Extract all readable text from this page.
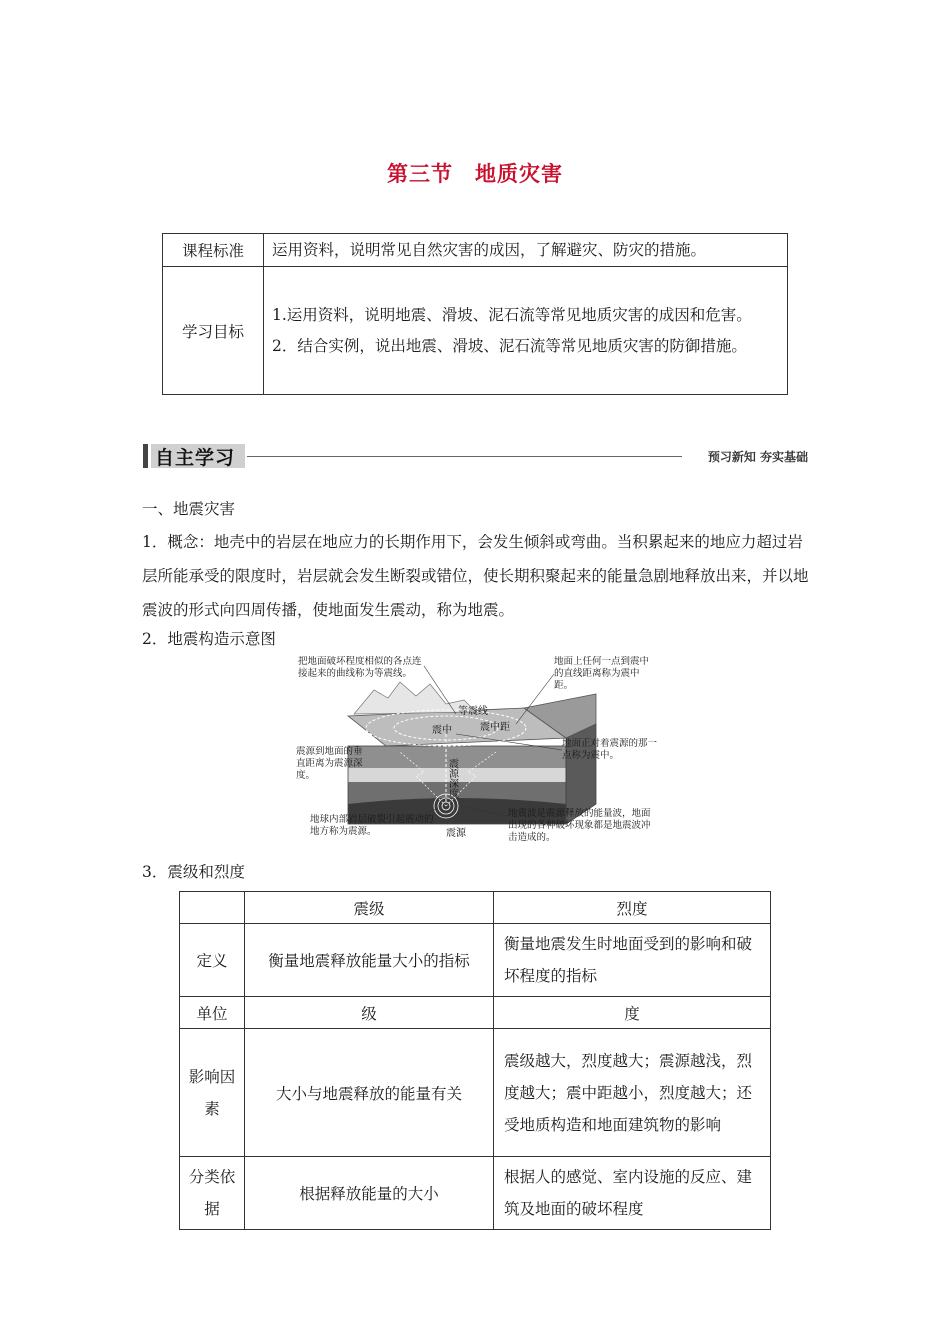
第三节 地质灾害
课程标准	运用资料，说明常见自然灾害的成因，了解避灾、防灾的措施。
学习目标	1.运用资料，说明地震、滑坡、泥石流等常见地质灾害的成因和危害。
2．结合实例，说出地震、滑坡、泥石流等常见地质灾害的防御措施。
自主学习	预习新知 夯实基础
一、地震灾害
1．概念：地壳中的岩层在地应力的长期作用下，会发生倾斜或弯曲。当积累起来的地应力超过岩层所能承受的限度时，岩层就会发生断裂或错位，使长期积聚起来的能量急剧地释放出来，并以地震波的形式向四周传播，使地面发生震动，称为地震。
2．地震构造示意图
等震线
震中	震中距
震源深度
震源
把地面破坏程度相似的各点连接起来的曲线称为等震线。
地面上任何一点到震中的直线距离称为震中距。
震源到地面的垂直距离为震源深度。
地面正对着震源的那一点称为震中。
地球内部岩层破裂引起震动的地方称为震源。
地震波是震源释放的能量波，地面出现的各种破坏现象都是地震波冲击造成的。
3．震级和烈度
	震级	烈度
定义	衡量地震释放能量大小的指标	衡量地震发生时地面受到的影响和破坏程度的指标
单位	级	度
影响因素	大小与地震释放的能量有关	震级越大，烈度越大；震源越浅，烈度越大；震中距越小，烈度越大；还受地质构造和地面建筑物的影响
分类依据	根据释放能量的大小	根据人的感觉、室内设施的反应、建筑及地面的破坏程度
